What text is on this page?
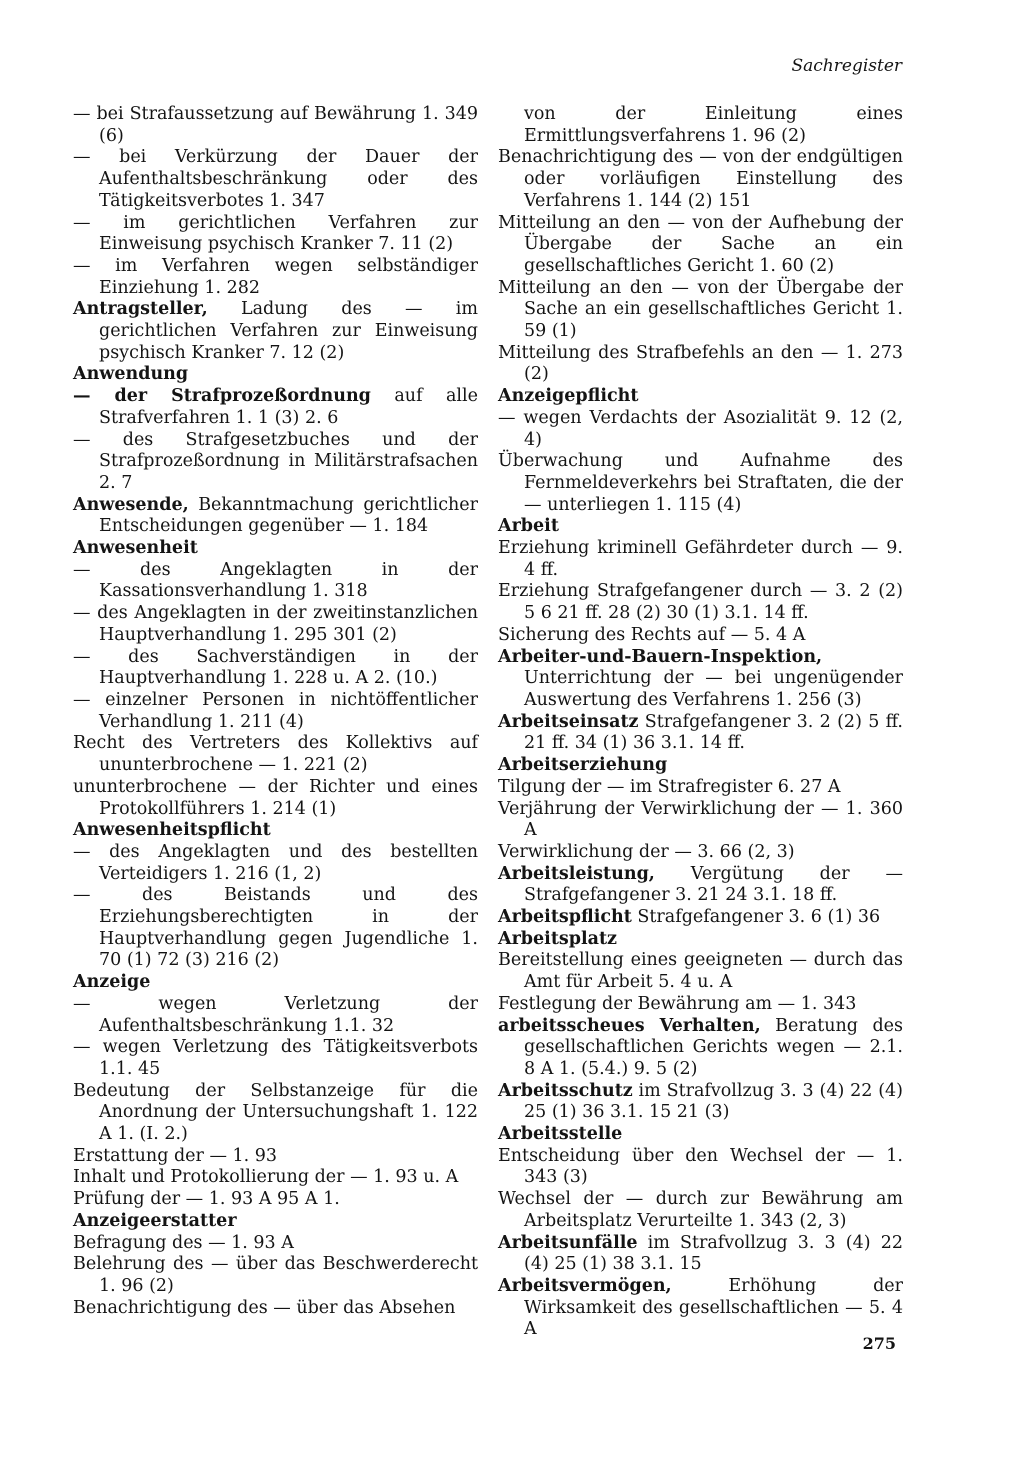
Sachregister
— bei Strafaussetzung auf Bewährung 1. 349 (6)
— bei Verkürzung der Dauer der Aufenthaltsbeschränkung oder des Tätigkeitsverbotes 1. 347
— im gerichtlichen Verfahren zur Einweisung psychisch Kranker 7. 11 (2)
— im Verfahren wegen selbständiger Einziehung 1. 282
Antragsteller, Ladung des — im gerichtlichen Verfahren zur Einweisung psychisch Kranker 7. 12 (2)
Anwendung
— der Strafprozeßordnung auf alle Strafverfahren 1. 1 (3) 2. 6
— des Strafgesetzbuches und der Strafprozeßordnung in Militärstrafsachen 2. 7
Anwesende, Bekanntmachung gerichtlicher Entscheidungen gegenüber — 1. 184
Anwesenheit
— des Angeklagten in der Kassationsverhandlung 1. 318
— des Angeklagten in der zweitinstanzlichen Hauptverhandlung 1. 295 301 (2)
— des Sachverständigen in der Hauptverhandlung 1. 228 u. A 2. (10.)
— einzelner Personen in nichtöffentlicher Verhandlung 1. 211 (4)
Recht des Vertreters des Kollektivs auf ununterbrochene — 1. 221 (2)
ununterbrochene — der Richter und eines Protokollführers 1. 214 (1)
Anwesenheitspflicht
— des Angeklagten und des bestellten Verteidigers 1. 216 (1, 2)
— des Beistands und des Erziehungsberechtigten in der Hauptverhandlung gegen Jugendliche 1. 70 (1) 72 (3) 216 (2)
Anzeige
— wegen Verletzung der Aufenthaltsbeschränkung 1.1. 32
— wegen Verletzung des Tätigkeitsverbots 1.1. 45
Bedeutung der Selbstanzeige für die Anordnung der Untersuchungshaft 1. 122 A 1. (I. 2.)
Erstattung der — 1. 93
Inhalt und Protokollierung der — 1. 93 u. A
Prüfung der — 1. 93 A 95 A 1.
Anzeigeerstatter
Befragung des — 1. 93 A
Belehrung des — über das Beschwerderecht 1. 96 (2)
Benachrichtigung des — über das Absehen
von der Einleitung eines Ermittlungsverfahrens 1. 96 (2)
Benachrichtigung des — von der endgültigen oder vorläufigen Einstellung des Verfahrens 1. 144 (2) 151
Mitteilung an den — von der Aufhebung der Übergabe der Sache an ein gesellschaftliches Gericht 1. 60 (2)
Mitteilung an den — von der Übergabe der Sache an ein gesellschaftliches Gericht 1. 59 (1)
Mitteilung des Strafbefehls an den — 1. 273 (2)
Anzeigepflicht
— wegen Verdachts der Asozialität 9. 12 (2, 4)
Überwachung und Aufnahme des Fernmeldeverkehrs bei Straftaten, die der — unterliegen 1. 115 (4)
Arbeit
Erziehung kriminell Gefährdeter durch — 9. 4 ff.
Erziehung Strafgefangener durch — 3. 2 (2) 5 6 21 ff. 28 (2) 30 (1) 3.1. 14 ff.
Sicherung des Rechts auf — 5. 4 A
Arbeiter-und-Bauern-Inspektion, Unterrichtung der — bei ungenügender Auswertung des Verfahrens 1. 256 (3)
Arbeitseinsatz Strafgefangener 3. 2 (2) 5 ff. 21 ff. 34 (1) 36 3.1. 14 ff.
Arbeitserziehung
Tilgung der — im Strafregister 6. 27 A
Verjährung der Verwirklichung der — 1. 360 A
Verwirklichung der — 3. 66 (2, 3)
Arbeitsleistung, Vergütung der — Strafgefangener 3. 21 24 3.1. 18 ff.
Arbeitspflicht Strafgefangener 3. 6 (1) 36
Arbeitsplatz
Bereitstellung eines geeigneten — durch das Amt für Arbeit 5. 4 u. A
Festlegung der Bewährung am — 1. 343
arbeitsscheues Verhalten, Beratung des gesellschaftlichen Gerichts wegen — 2.1. 8 A 1. (5.4.) 9. 5 (2)
Arbeitsschutz im Strafvollzug 3. 3 (4) 22 (4) 25 (1) 36 3.1. 15 21 (3)
Arbeitsstelle
Entscheidung über den Wechsel der — 1. 343 (3)
Wechsel der — durch zur Bewährung am Arbeitsplatz Verurteilte 1. 343 (2, 3)
Arbeitsunfälle im Strafvollzug 3. 3 (4) 22 (4) 25 (1) 38 3.1. 15
Arbeitsvermögen, Erhöhung der Wirksamkeit des gesellschaftlichen — 5. 4 A
275
